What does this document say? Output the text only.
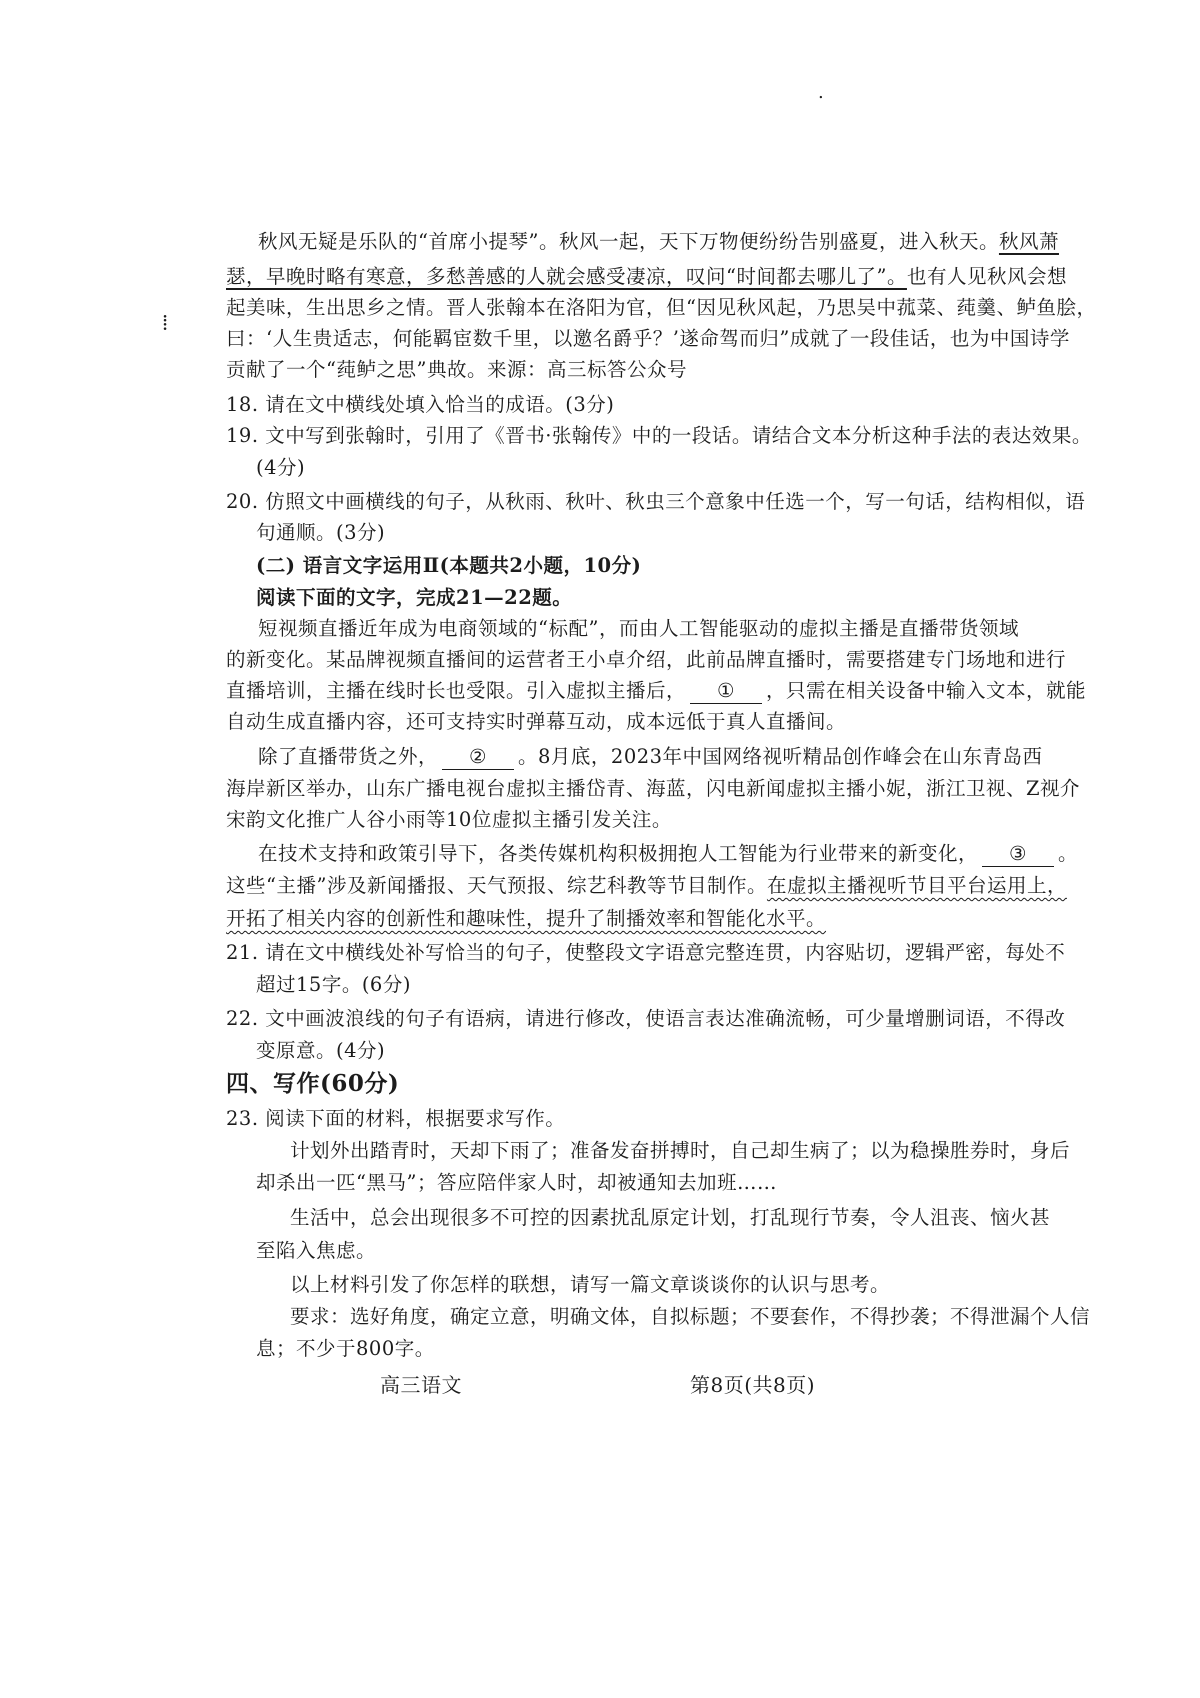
.
⁞
秋风无疑是乐队的“首席小提琴”。秋风一起，天下万物便纷纷告别盛夏，进入秋天。秋风萧
瑟，早晚时略有寒意，多愁善感的人就会感受凄凉，叹问“时间都去哪儿了”。也有人见秋风会想
起美味，生出思乡之情。晋人张翰本在洛阳为官，但“因见秋风起，乃思吴中菰菜、莼羹、鲈鱼脍，
曰：‘人生贵适志，何能羁宦数千里，以邀名爵乎？’遂命驾而归”成就了一段佳话，也为中国诗学
贡献了一个“莼鲈之思”典故。来源：高三标答公众号
18. 请在文中横线处填入恰当的成语。(3分)
19. 文中写到张翰时，引用了《晋书·张翰传》中的一段话。请结合文本分析这种手法的表达效果。
(4分)
20. 仿照文中画横线的句子，从秋雨、秋叶、秋虫三个意象中任选一个，写一句话，结构相似，语
句通顺。(3分)
(二) 语言文字运用Ⅱ(本题共2小题，10分)
阅读下面的文字，完成21—22题。
短视频直播近年成为电商领域的“标配”，而由人工智能驱动的虚拟主播是直播带货领域
的新变化。某品牌视频直播间的运营者王小卓介绍，此前品牌直播时，需要搭建专门场地和进行
直播培训，主播在线时长也受限。引入虚拟主播后， ① ，只需在相关设备中输入文本，就能
自动生成直播内容，还可支持实时弹幕互动，成本远低于真人直播间。
除了直播带货之外， ② 。8月底，2023年中国网络视听精品创作峰会在山东青岛西
海岸新区举办，山东广播电视台虚拟主播岱青、海蓝，闪电新闻虚拟主播小妮，浙江卫视、Z视介
宋韵文化推广人谷小雨等10位虚拟主播引发关注。
在技术支持和政策引导下，各类传媒机构积极拥抱人工智能为行业带来的新变化， ③ 。
这些“主播”涉及新闻播报、天气预报、综艺科教等节目制作。在虚拟主播视听节目平台运用上，
开拓了相关内容的创新性和趣味性，提升了制播效率和智能化水平。
21. 请在文中横线处补写恰当的句子，使整段文字语意完整连贯，内容贴切，逻辑严密，每处不
超过15字。(6分)
22. 文中画波浪线的句子有语病，请进行修改，使语言表达准确流畅，可少量增删词语，不得改
变原意。(4分)
四、写作(60分)
23. 阅读下面的材料，根据要求写作。
计划外出踏青时，天却下雨了；准备发奋拼搏时，自己却生病了；以为稳操胜券时，身后
却杀出一匹“黑马”；答应陪伴家人时，却被通知去加班……
生活中，总会出现很多不可控的因素扰乱原定计划，打乱现行节奏，令人沮丧、恼火甚
至陷入焦虑。
以上材料引发了你怎样的联想，请写一篇文章谈谈你的认识与思考。
要求：选好角度，确定立意，明确文体，自拟标题；不要套作，不得抄袭；不得泄漏个人信
息；不少于800字。
高三语文	第8页(共8页)
